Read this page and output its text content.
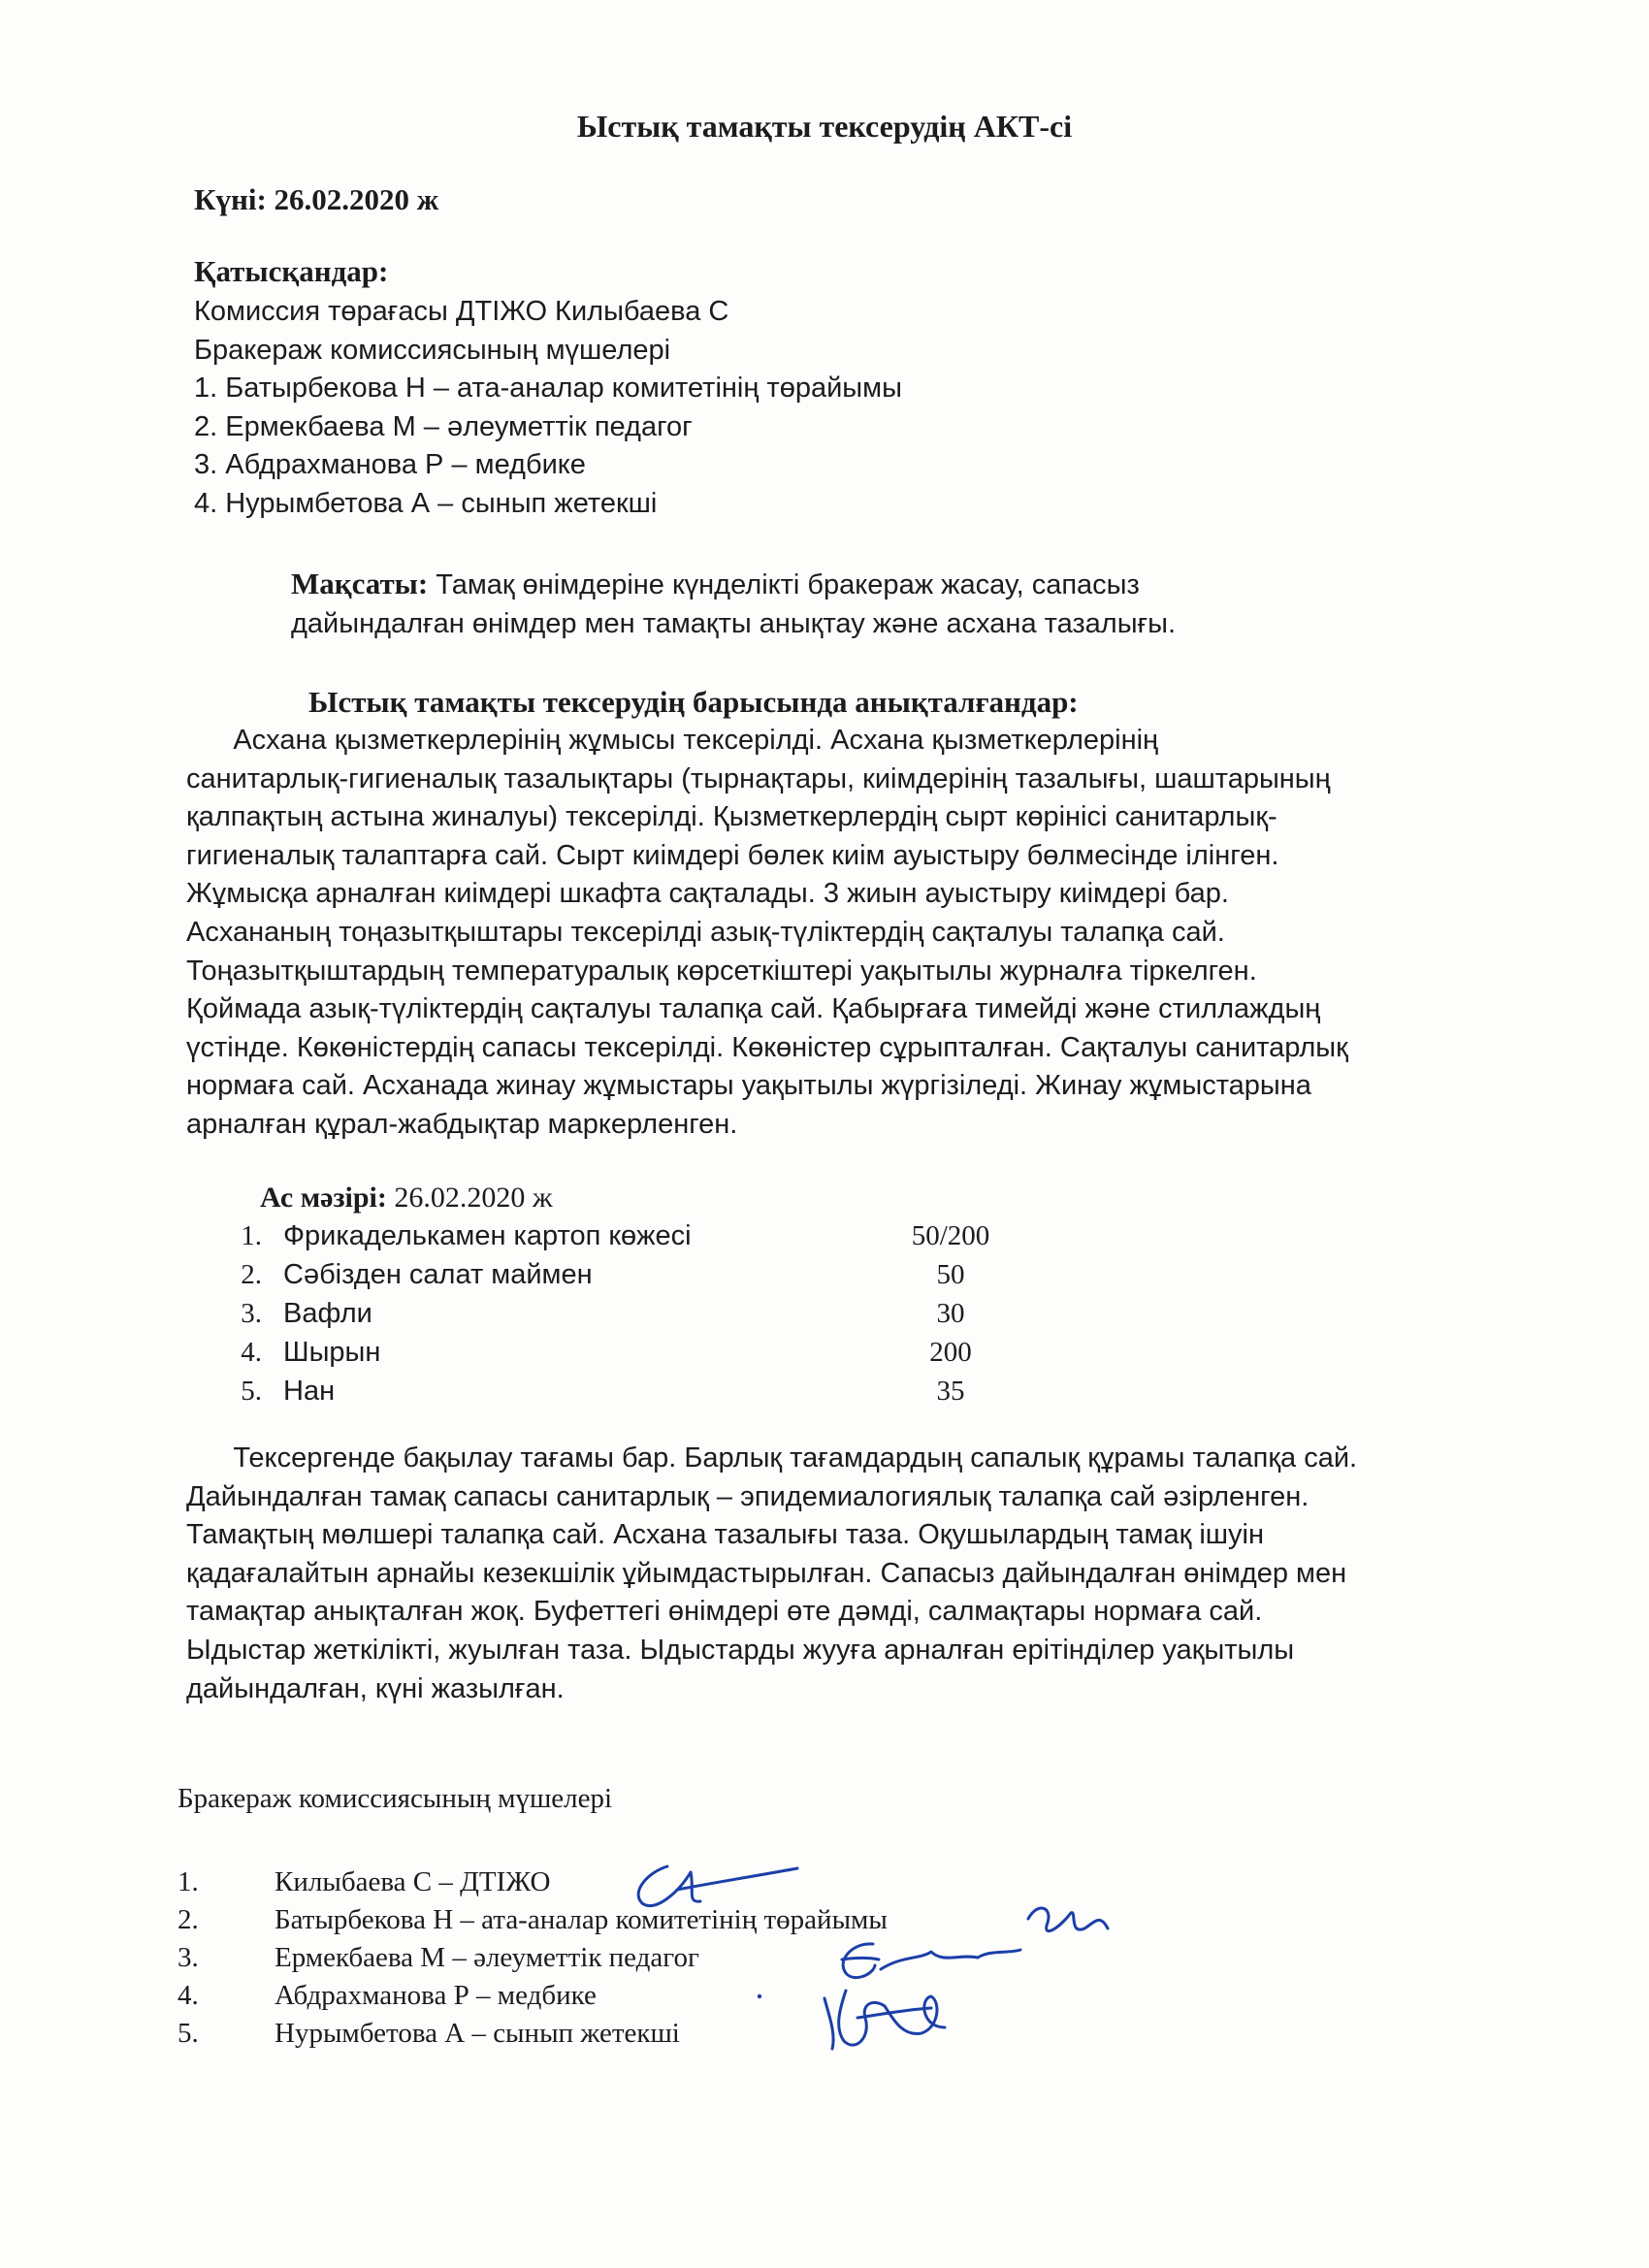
Ыстық тамақты тексерудің АКТ-сі
Күні: 26.02.2020 ж
Қатысқандар:
Комиссия төрағасы ДТІЖО Килыбаева С
Бракераж комиссиясының мүшелері
1. Батырбекова Н – ата-аналар комитетінің төрайымы
2. Ермекбаева М – әлеуметтік педагог
3. Абдрахманова Р – медбике
4. Нурымбетова А – сынып жетекші
Мақсаты: Тамақ өнімдеріне күнделікті бракераж жасау, сапасыз
дайындалған өнімдер мен тамақты анықтау және асхана тазалығы.
Ыстық тамақты тексерудің барысында анықталғандар:
Асхана қызметкерлерінің жұмысы тексерілді. Асхана қызметкерлерінің
санитарлық-гигиеналық тазалықтары (тырнақтары, киімдерінің тазалығы, шаштарының
қалпақтың астына жиналуы) тексерілді. Қызметкерлердің сырт көрінісі санитарлық-
гигиеналық талаптарға сай. Сырт киімдері бөлек киім ауыстыру бөлмесінде ілінген.
Жұмысқа арналған киімдері шкафта сақталады. 3 жиын ауыстыру киімдері бар.
Асхананың тоңазытқыштары тексерілді азық-түліктердің сақталуы талапқа сай.
Тоңазытқыштардың температуралық көрсеткіштері уақытылы журналға тіркелген.
Қоймада азық-түліктердің сақталуы талапқа сай. Қабырғаға тимейді және стиллаждың
үстінде. Көкөністердің сапасы тексерілді. Көкөністер сұрыпталған. Сақталуы санитарлық
нормаға сай. Асханада жинау жұмыстары уақытылы жүргізіледі. Жинау жұмыстарына
арналған құрал-жабдықтар маркерленген.
Ас мәзірі: 26.02.2020 ж
1. Фрикаделькамен картоп көжесі	50/200
2. Сәбізден салат маймен	50
3. Вафли	30
4. Шырын	200
5. Нан	35
Тексергенде бақылау тағамы бар. Барлық тағамдардың сапалық құрамы талапқа сай.
Дайындалған тамақ сапасы санитарлық – эпидемиалогиялық талапқа сай әзірленген.
Тамақтың мөлшері талапқа сай. Асхана тазалығы таза. Оқушылардың тамақ ішуін
қадағалайтын арнайы кезекшілік ұйымдастырылған. Сапасыз дайындалған өнімдер мен
тамақтар анықталған жоқ. Буфеттегі өнімдері өте дәмді, салмақтары нормаға сай.
Ыдыстар жеткілікті, жуылған таза. Ыдыстарды жууға арналған ерітінділер уақытылы
дайындалған, күні жазылған.
Бракераж комиссиясының мүшелері
1.	Килыбаева С – ДТІЖО
2.	Батырбекова Н – ата-аналар комитетінің төрайымы
3.	Ермекбаева М – әлеуметтік педагог
4.	Абдрахманова Р – медбике
5.	Нурымбетова А – сынып жетекші
